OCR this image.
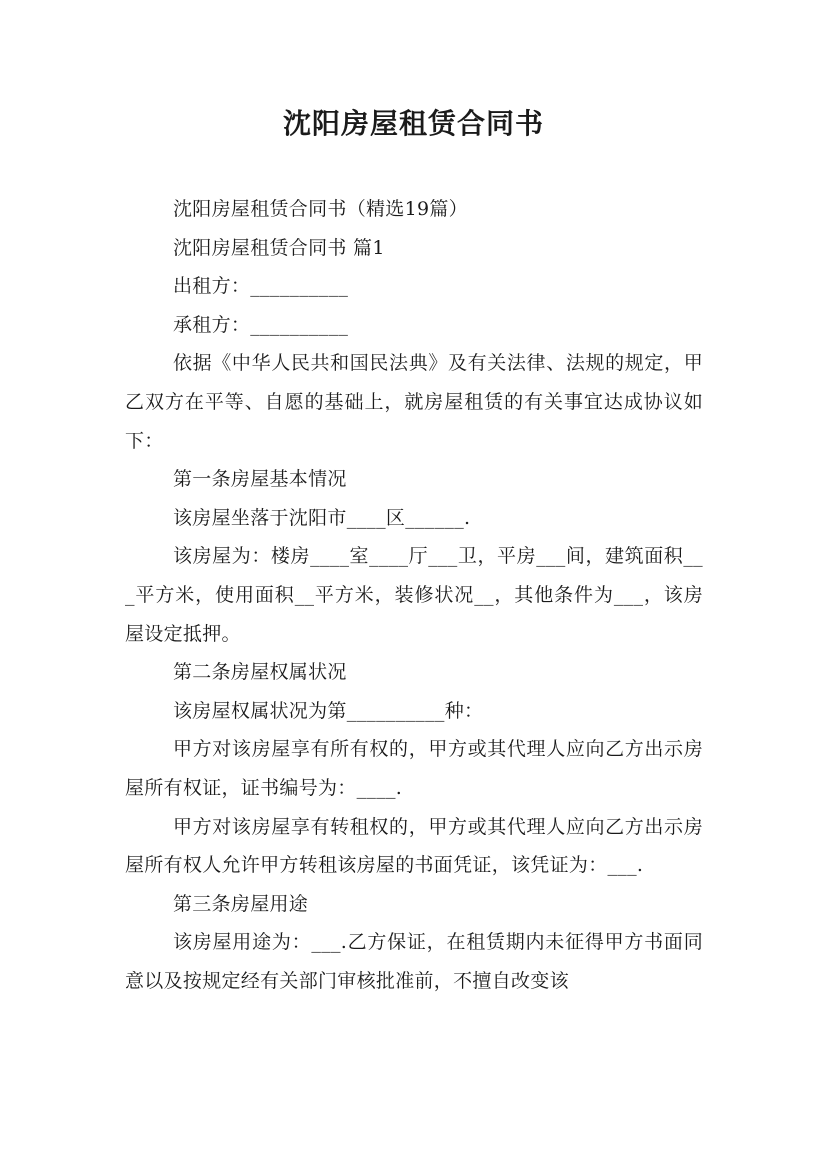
沈阳房屋租赁合同书

沈阳房屋租赁合同书（精选19篇）

沈阳房屋租赁合同书 篇1

出租方：__________

承租方：__________

依据《中华人民共和国民法典》及有关法律、法规的规定，甲乙双方在平等、自愿的基础上，就房屋租赁的有关事宜达成协议如下：

第一条房屋基本情况

该房屋坐落于沈阳市____区______.

该房屋为：楼房____室____厅___卫，平房___间，建筑面积___平方米，使用面积__平方米，装修状况__，其他条件为___，该房屋设定抵押。

第二条房屋权属状况

该房屋权属状况为第__________种：

甲方对该房屋享有所有权的，甲方或其代理人应向乙方出示房屋所有权证，证书编号为：____.

甲方对该房屋享有转租权的，甲方或其代理人应向乙方出示房屋所有权人允许甲方转租该房屋的书面凭证，该凭证为：___.

第三条房屋用途

该房屋用途为：___.乙方保证，在租赁期内未征得甲方书面同意以及按规定经有关部门审核批准前，不擅自改变该
